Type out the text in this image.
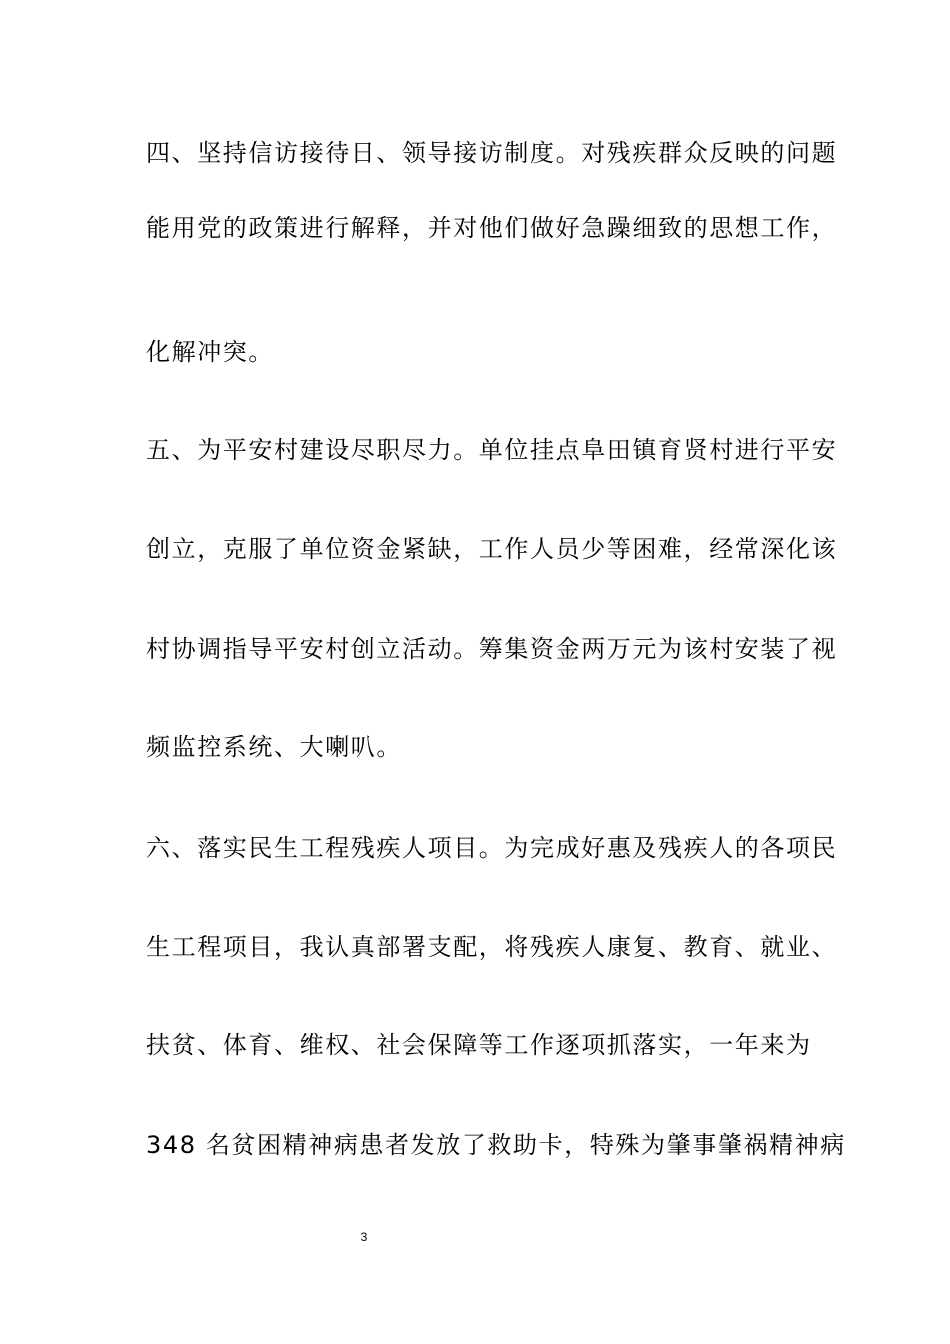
四、坚持信访接待日、领导接访制度。对残疾群众反映的问题
能用党的政策进行解释，并对他们做好急躁细致的思想工作，
化解冲突。
五、为平安村建设尽职尽力。单位挂点阜田镇育贤村进行平安
创立，克服了单位资金紧缺，工作人员少等困难，经常深化该
村协调指导平安村创立活动。筹集资金两万元为该村安装了视
频监控系统、大喇叭。
六、落实民生工程残疾人项目。为完成好惠及残疾人的各项民
生工程项目，我认真部署支配，将残疾人康复、教育、就业、
扶贫、体育、维权、社会保障等工作逐项抓落实，一年来为
348 名贫困精神病患者发放了救助卡，特殊为肇事肇祸精神病
3
